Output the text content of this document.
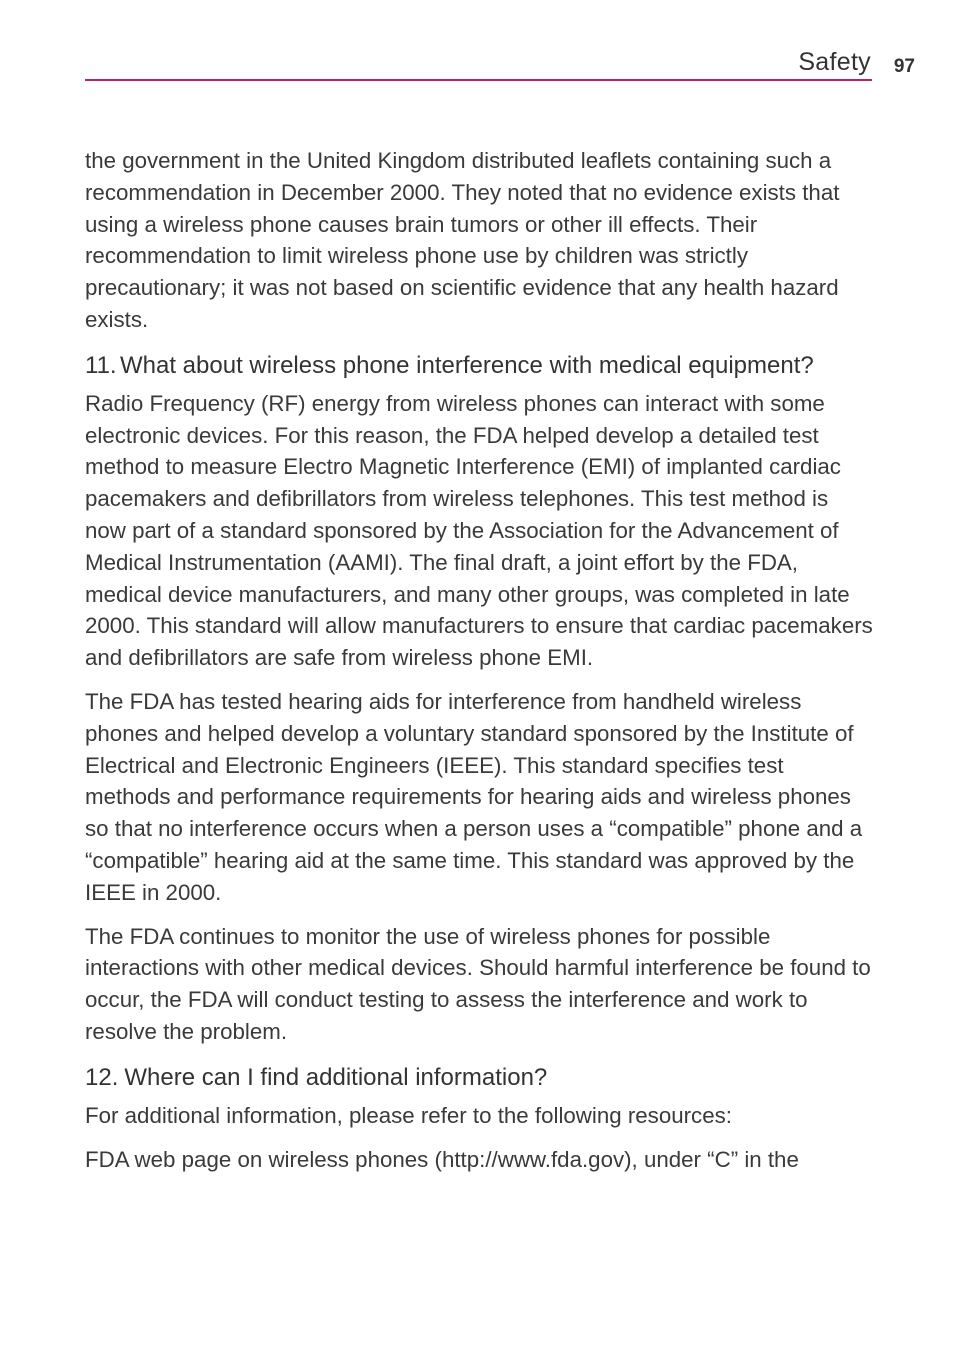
Safety 97

the government in the United Kingdom distributed leaflets containing such a recommendation in December 2000. They noted that no evidence exists that using a wireless phone causes brain tumors or other ill effects. Their recommendation to limit wireless phone use by children was strictly precautionary; it was not based on scientific evidence that any health hazard exists.

11. What about wireless phone interference with medical equipment?

Radio Frequency (RF) energy from wireless phones can interact with some electronic devices. For this reason, the FDA helped develop a detailed test method to measure Electro Magnetic Interference (EMI) of implanted cardiac pacemakers and defibrillators from wireless telephones. This test method is now part of a standard sponsored by the Association for the Advancement of Medical Instrumentation (AAMI). The final draft, a joint effort by the FDA, medical device manufacturers, and many other groups, was completed in late 2000. This standard will allow manufacturers to ensure that cardiac pacemakers and defibrillators are safe from wireless phone EMI.

The FDA has tested hearing aids for interference from handheld wireless phones and helped develop a voluntary standard sponsored by the Institute of Electrical and Electronic Engineers (IEEE). This standard specifies test methods and performance requirements for hearing aids and wireless phones so that no interference occurs when a person uses a “compatible” phone and a “compatible” hearing aid at the same time. This standard was approved by the IEEE in 2000.

The FDA continues to monitor the use of wireless phones for possible interactions with other medical devices. Should harmful interference be found to occur, the FDA will conduct testing to assess the interference and work to resolve the problem.

12. Where can I find additional information?

For additional information, please refer to the following resources:

FDA web page on wireless phones (http://www.fda.gov), under “C” in the
